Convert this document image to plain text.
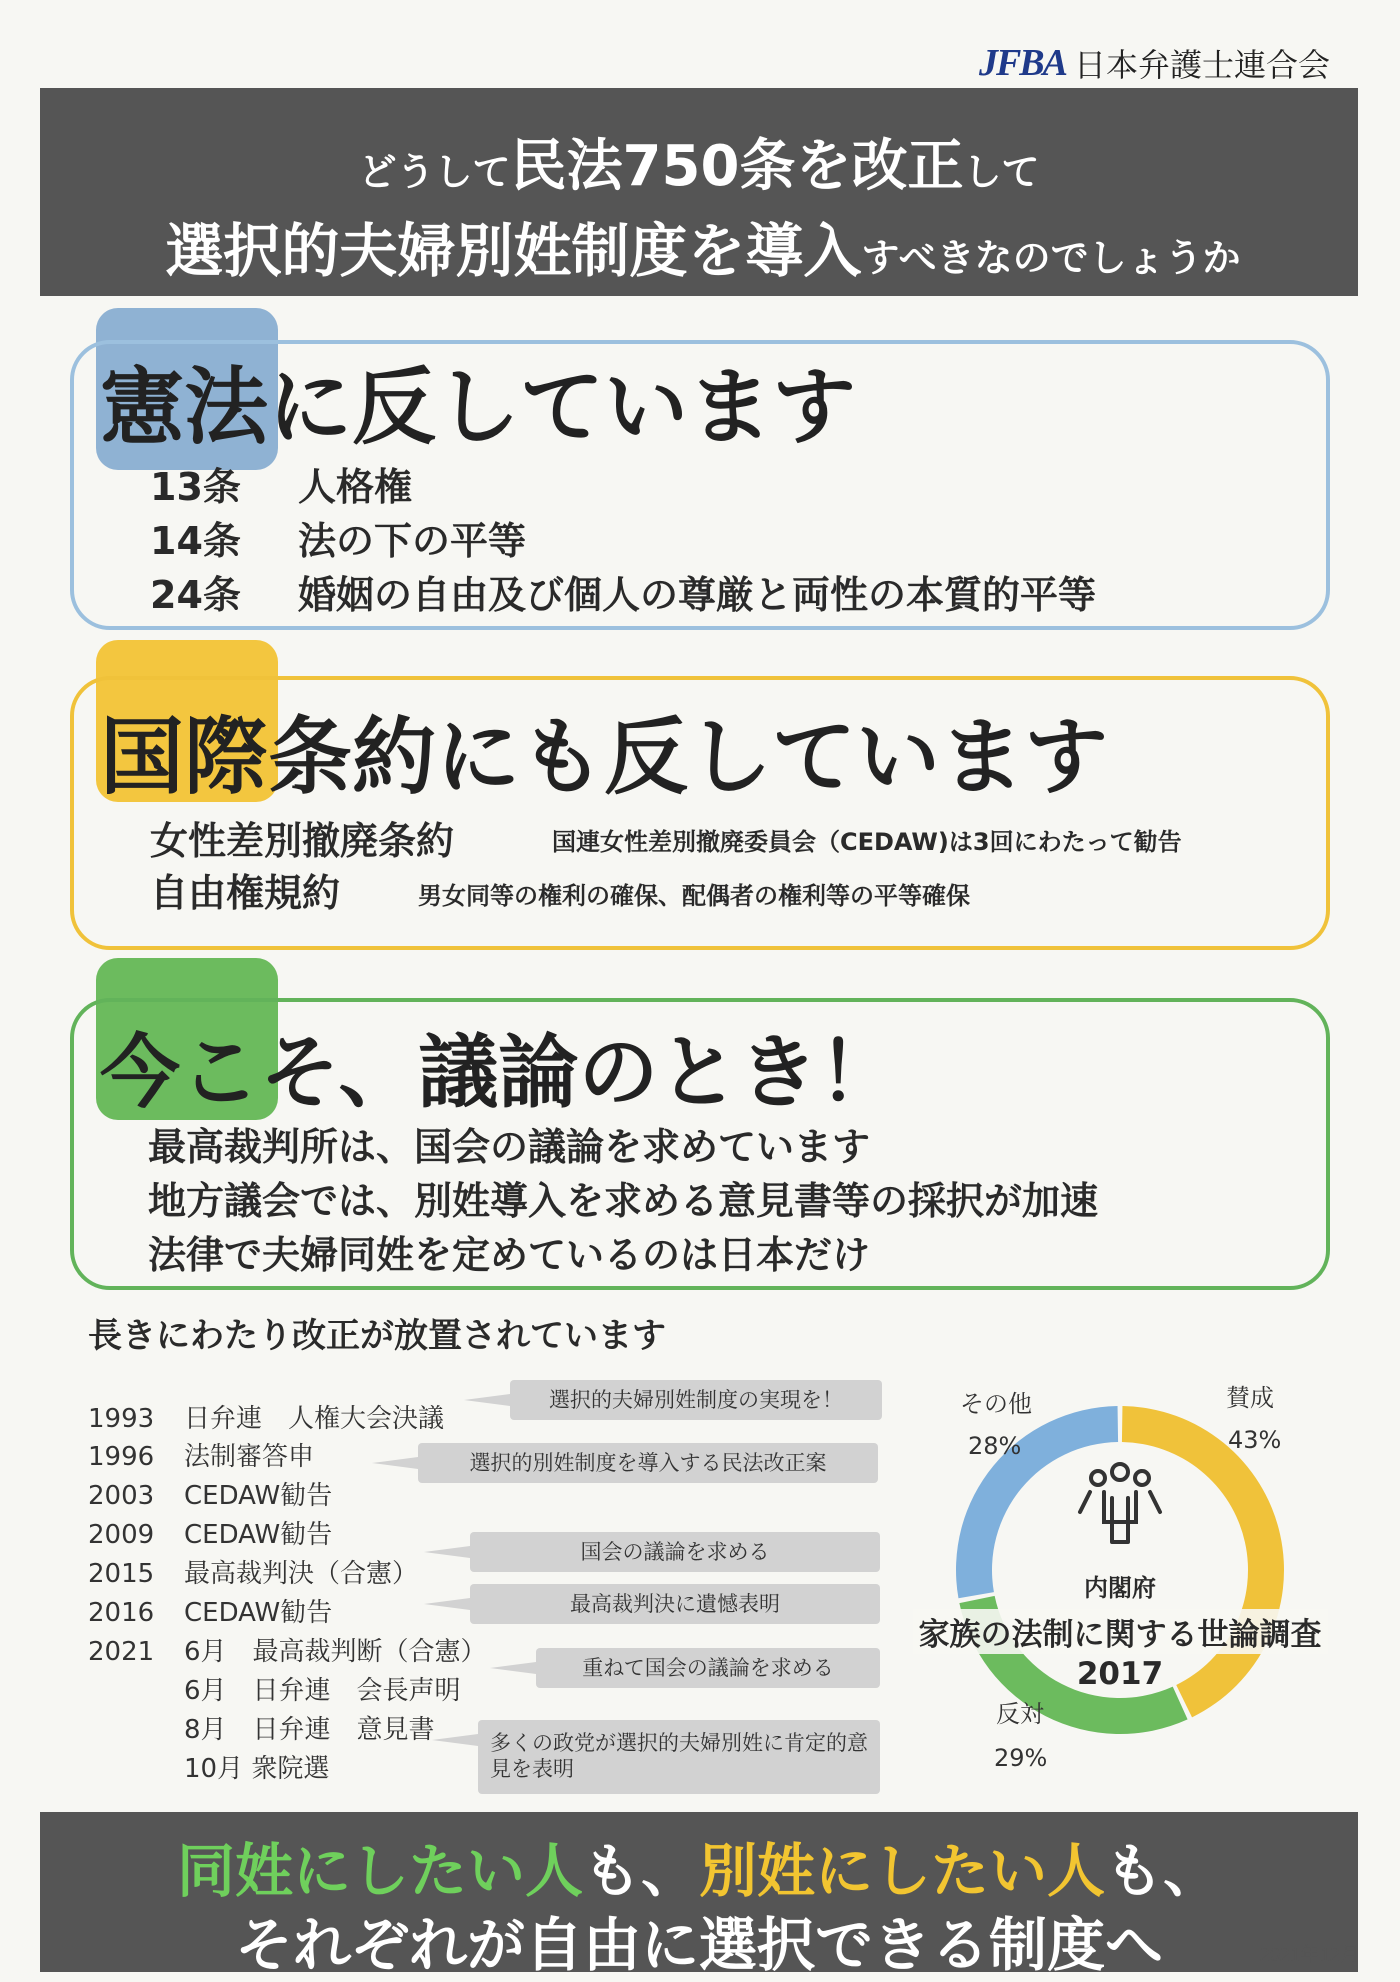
JFBA 日本弁護士連合会
どうして民法750条を改正して
選択的夫婦別姓制度を導入すべきなのでしょうか
憲法に反しています
13条 人格権
14条 法の下の平等
24条 婚姻の自由及び個人の尊厳と両性の本質的平等
国際条約にも反しています
女性差別撤廃条約	国連女性差別撤廃委員会（CEDAW)は3回にわたって勧告
自由権規約	男女同等の権利の確保、配偶者の権利等の平等確保
今こそ、議論のとき！
最高裁判所は、国会の議論を求めています
地方議会では、別姓導入を求める意見書等の採択が加速
法律で夫婦同姓を定めているのは日本だけ
長きにわたり改正が放置されています
1993 日弁連　人権大会決議
1996 法制審答申
2003 CEDAW勧告
2009 CEDAW勧告
2015 最高裁判決（合憲）
2016 CEDAW勧告
2021 6月　最高裁判断（合憲）
6月　日弁連　会長声明
8月　日弁連　意見書
10月 衆院選
選択的夫婦別姓制度の実現を！
選択的別姓制度を導入する民法改正案
国会の議論を求める
最高裁判決に遺憾表明
重ねて国会の議論を求める
多くの政党が選択的夫婦別姓に肯定的意見を表明
その他
28%
賛成
43%
反対
29%
内閣府
家族の法制に関する世論調査
2017
同姓にしたい人も、別姓にしたい人も、
それぞれが自由に選択できる制度へ	2021年12月
